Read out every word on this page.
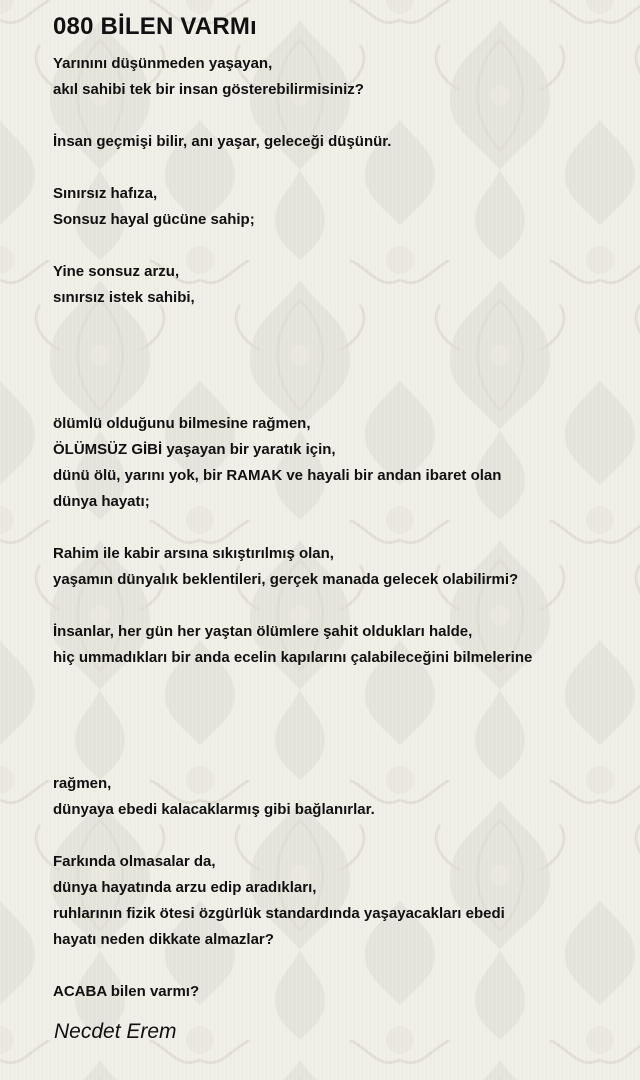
080 BİLEN VARMı

Yarınını düşünmeden yaşayan,

akıl sahibi tek bir insan gösterebilirmisiniz?

İnsan geçmişi bilir, anı yaşar, geleceği düşünür.

Sınırsız hafıza,

Sonsuz hayal gücüne sahip;

Yine sonsuz arzu,

sınırsız istek sahibi,

ölümlü olduğunu bilmesine rağmen,

ÖLÜMSÜZ GİBİ yaşayan bir yaratık için,

dünü ölü, yarını yok, bir RAMAK ve hayali bir andan ibaret olan

dünya hayatı;

Rahim ile kabir arsına sıkıştırılmış olan,

yaşamın dünyalık beklentileri, gerçek manada gelecek olabilirmi?

İnsanlar, her gün her yaştan ölümlere şahit oldukları halde,

hiç ummadıkları bir anda ecelin kapılarını çalabileceğini bilmelerine

rağmen,

dünyaya ebedi kalacaklarmış gibi bağlanırlar.

Farkında olmasalar da,

dünya hayatında arzu edip aradıkları,

ruhlarının fizik ötesi özgürlük standardında yaşayacakları ebedi

hayatı neden dikkate almazlar?

ACABA bilen varmı?

Necdet Erem
